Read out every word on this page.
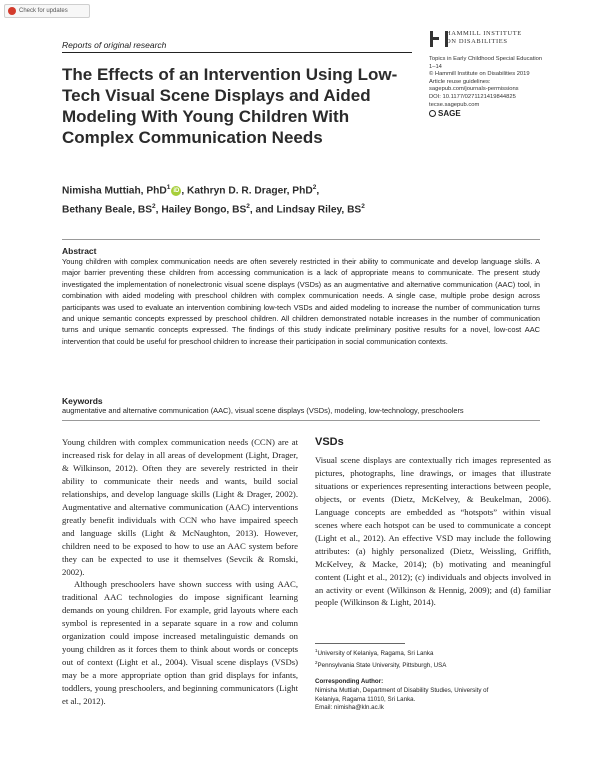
Check for updates
Reports of original research
HAMMILL INSTITUTE
ON DISABILITIES
The Effects of an Intervention Using Low-Tech Visual Scene Displays and Aided Modeling With Young Children With Complex Communication Needs
Topics in Early Childhood Special Education
1–14
© Hammill Institute on Disabilities 2019
Article reuse guidelines:
sagepub.com/journals-permissions
DOI: 10.1177/0271121419844825
tecse.sagepub.com
SAGE
Nimisha Muttiah, PhD$^1$ iD , Kathryn D. R. Drager, PhD$^2$,
Bethany Beale, $BS^2$, Hailey Bongo, $BS^2$, and Lindsay Riley, $BS^2$
Abstract

Young children with complex communication needs are often severely restricted in their ability to communicate and develop language skills. A major barrier preventing these children from accessing communication is a lack of appropriate means to communicate. The present study investigated the implementation of nonelectronic visual scene displays (VSDs) as an augmentative and alternative communication (AAC) tool, in combination with aided modeling with preschool children with complex communication needs. A single case, multiple probe design across participants was used to evaluate an intervention combining low-tech VSDs and aided modeling to increase the number of communication turns and unique semantic concepts expressed by preschool children. All children demonstrated notable increases in the number of communication turns and unique semantic concepts expressed. The findings of this study indicate preliminary positive results for a novel, low-cost AAC intervention that could be useful for preschool children to increase their participation in social communication contexts.

Keywords
augmentative and alternative communication (AAC), visual scene displays (VSDs), modeling, low-technology, preschoolers

Young children with complex communication needs (CCN) are at increased risk for delay in all areas of development (Light, Drager, & Wilkinson, 2012). Often they are severely restricted in their ability to communicate their needs and wants, build social relationships, and develop language skills (Light & Drager, 2002). Augmentative and alternative communication (AAC) interventions greatly benefit individuals with CCN who have impaired speech and language skills (Light & McNaughton, 2013). However, children need to be exposed to how to use an AAC system before they can be expected to use it themselves (Sevcik & Romski, 2002).

Although preschoolers have shown success with using AAC, traditional AAC technologies do impose significant learning demands on young children. For example, grid layouts where each symbol is represented in a separate square in a row and column organization could impose increased metalinguistic demands on young children as it forces them to think about words or concepts out of context (Light et al., 2004). Visual scene displays (VSDs) may be a more appropriate option than grid displays for infants, toddlers, young preschoolers, and beginning communicators (Light et al., 2012).

VSDs

Visual scene displays are contextually rich images represented as pictures, photographs, line drawings, or images that illustrate situations or experiences representing interactions between people, objects, or events (Dietz, McKelvey, & Beukelman, 2006). Language concepts are embedded as “hotspots” within visual scenes where each hotspot can be used to communicate a concept (Light et al., 2012). An effective VSD may include the following attributes: (a) highly personalized (Dietz, Weissling, Griffith, McKelvey, & Macke, 2014); (b) motivating and meaningful content (Light et al., 2012); (c) individuals and objects involved in an activity or event (Wilkinson & Hennig, 2009); and (d) familiar people (Wilkinson & Light, 2014).

$^1$University of Kelaniya, Ragama, Sri Lanka
$^2$Pennsylvania State University, Pittsburgh, USA
Corresponding Author:
Nimisha Muttiah, Department of Disability Studies, University of
Kelaniya, Ragama 11010, Sri Lanka.
Email: nimisha@kln.ac.lk
